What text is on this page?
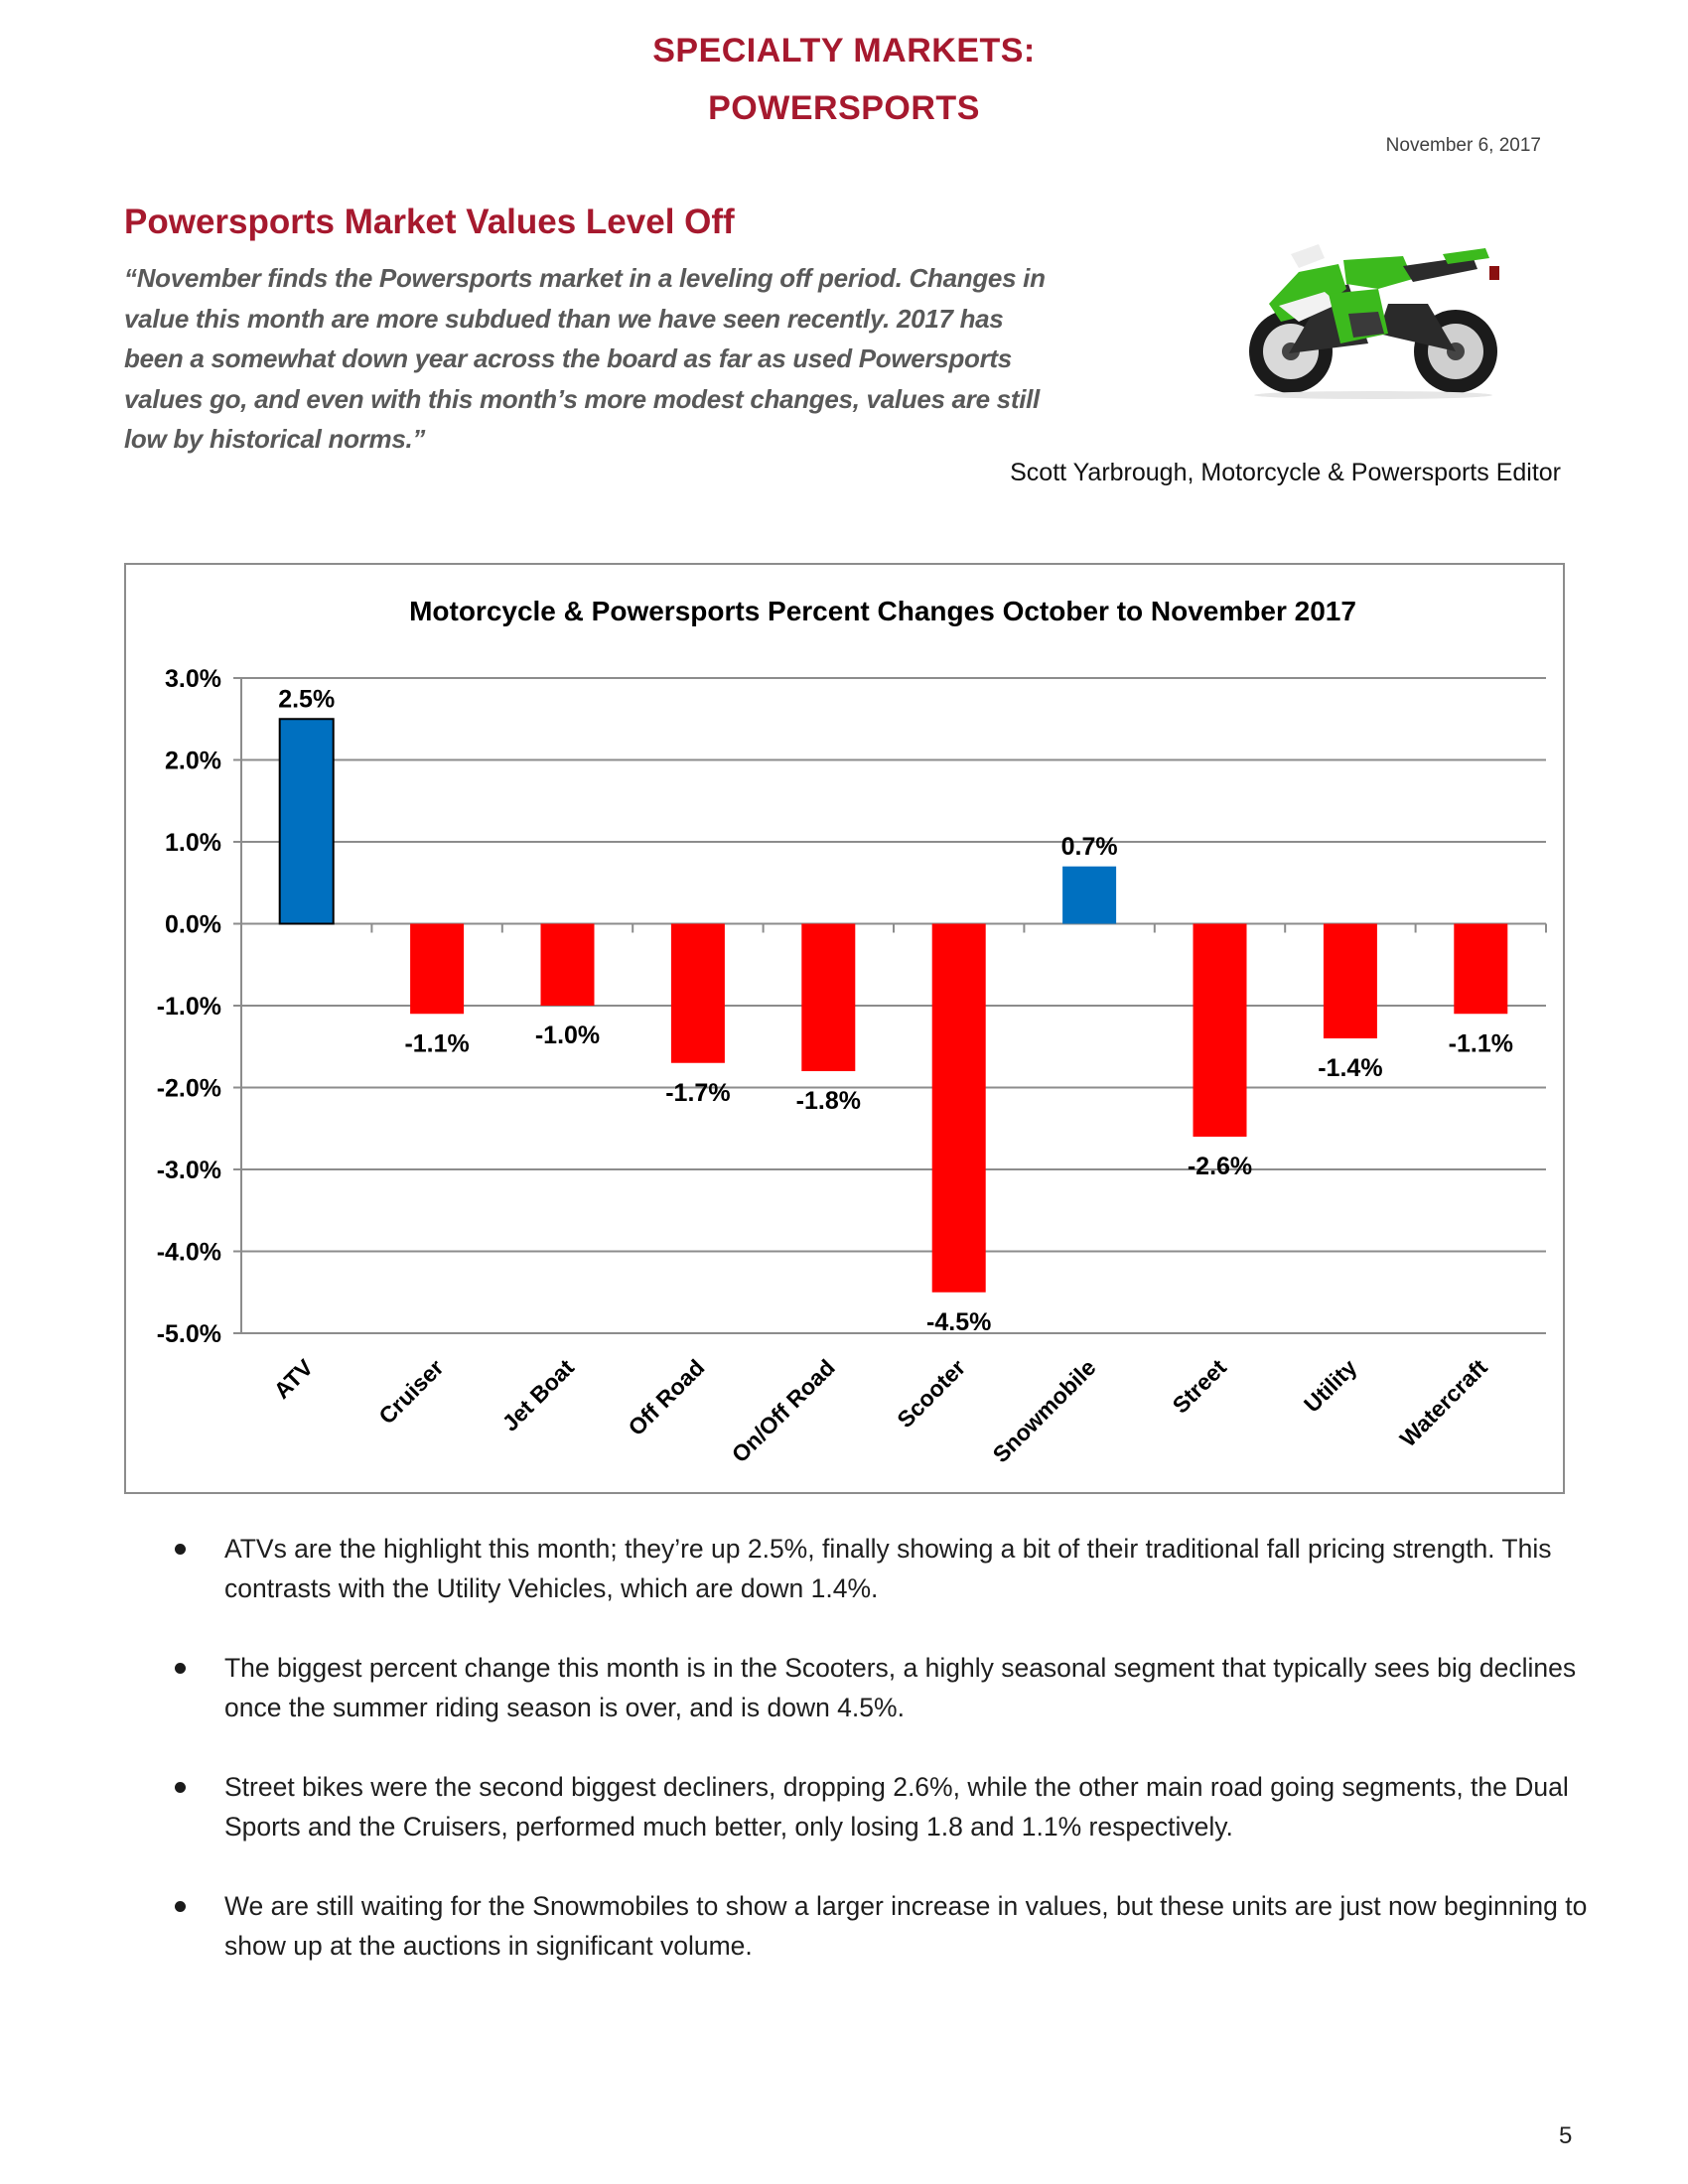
SPECIALTY MARKETS:
POWERSPORTS
November 6, 2017
Powersports Market Values Level Off
“November finds the Powersports market in a leveling off period. Changes in
value this month are more subdued than we have seen recently. 2017 has
been a somewhat down year across the board as far as used Powersports
values go, and even with this month’s more modest changes, values are still
low by historical norms.”
Scott Yarbrough, Motorcycle & Powersports Editor
Motorcycle & Powersports Percent Changes October to November 2017
3.0%
2.0%
1.0%
0.0%
-1.0%
-2.0%
-3.0%
-4.0%
-5.0%
2.5%
-1.1%	-1.0%
-1.7%	-1.8%
-4.5%
0.7%
-2.6%
-1.4%
-1.1%
ATV Cruiser Jet Boat Off Road On/Off Road Scooter Snowmobile	Street	Utility Watercraft
ATVs are the highlight this month; they’re up 2.5%, finally showing a bit of their traditional fall pricing strength. This contrasts with the Utility Vehicles, which are down 1.4%.
The biggest percent change this month is in the Scooters, a highly seasonal segment that typically sees big declines once the summer riding season is over, and is down 4.5%.
Street bikes were the second biggest decliners, dropping 2.6%, while the other main road going segments, the Dual Sports and the Cruisers, performed much better, only losing 1.8 and 1.1% respectively.
We are still waiting for the Snowmobiles to show a larger increase in values, but these units are just now beginning to show up at the auctions in significant volume.
5
